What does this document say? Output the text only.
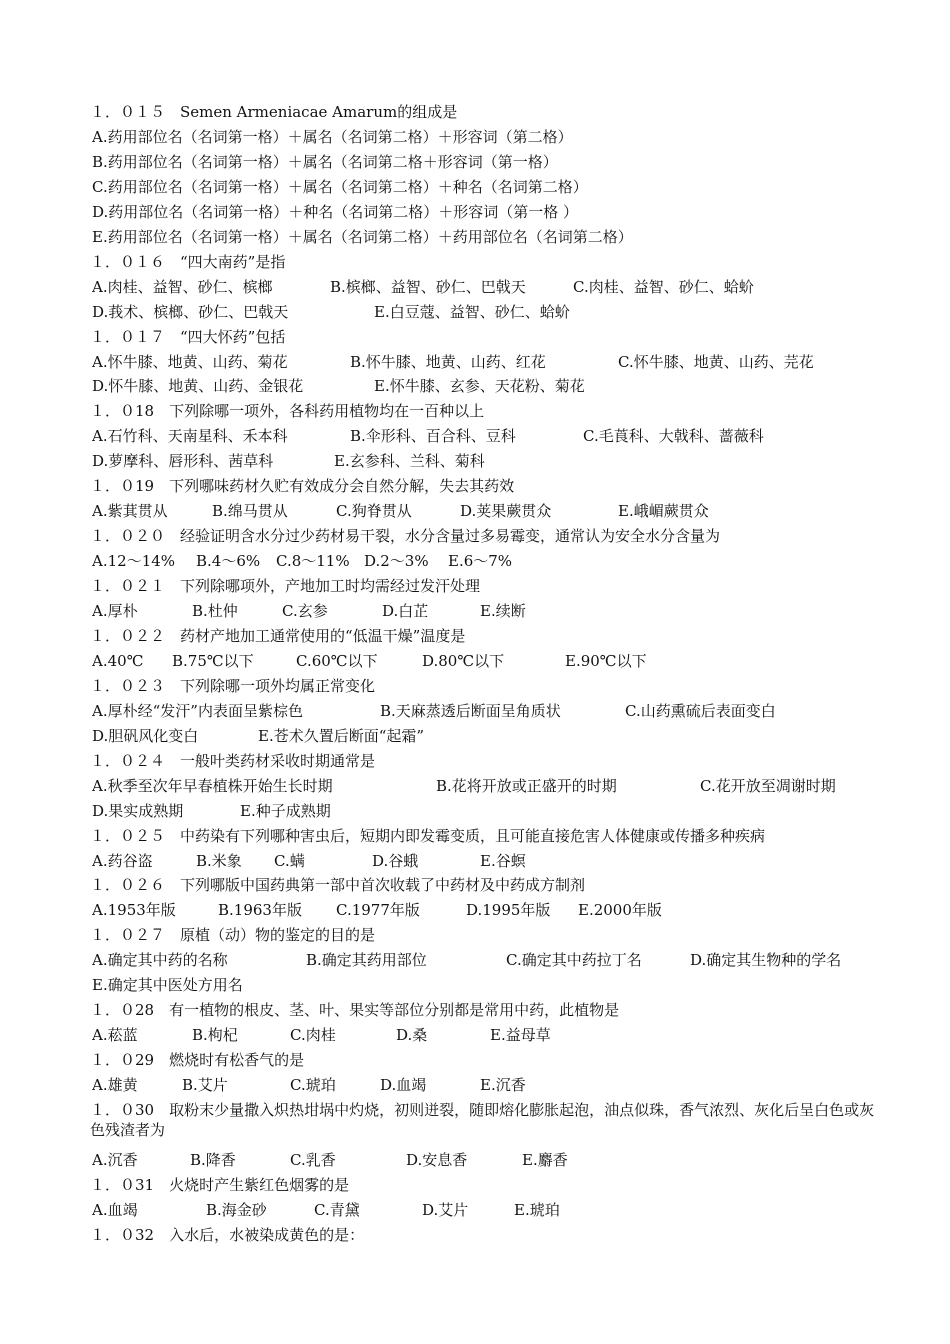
１．０１５　Semen Armeniacae Amarum的组成是
A.药用部位名（名词第一格）＋属名（名词第二格）＋形容词（第二格）
B.药用部位名（名词第一格）＋属名（名词第二格＋形容词（第一格）
C.药用部位名（名词第一格）＋属名（名词第二格）＋种名（名词第二格）
D.药用部位名（名词第一格）＋种名（名词第二格）＋形容词（第一格 ）
E.药用部位名（名词第一格）＋属名（名词第二格）＋药用部位名（名词第二格）
１．０１６　“四大南药”是指
A.肉桂、益智、砂仁、槟榔	B.槟榔、益智、砂仁、巴戟天	C.肉桂、益智、砂仁、蛤蚧
D.莪术、槟榔、砂仁、巴戟天	E.白豆蔻、益智、砂仁、蛤蚧
１．０１７　“四大怀药”包括
A.怀牛膝、地黄、山药、菊花	B.怀牛膝、地黄、山药、红花	C.怀牛膝、地黄、山药、芫花
D.怀牛膝、地黄、山药、金银花	E.怀牛膝、玄参、天花粉、菊花
１．０18　下列除哪一项外，各科药用植物均在一百种以上
A.石竹科、天南星科、禾本科	B.伞形科、百合科、豆科	C.毛莨科、大戟科、蔷薇科
D.萝摩科、唇形科、茜草科	E.玄参科、兰科、菊科
１．０19　下列哪味药材久贮有效成分会自然分解，失去其药效
A.紫萁贯从	B.绵马贯从	C.狗脊贯从	D.荚果蕨贯众	E.峨嵋蕨贯众
１．０２０　经验证明含水分过少药材易干裂，水分含量过多易霉变，通常认为安全水分含量为
A.12～14% B.4～6% C.8～11% D.2～3% E.6～7%
１．０２１　下列除哪项外，产地加工时均需经过发汗处理
A.厚朴	B.杜仲	C.玄参	D.白芷	E.续断
１．０２２　药材产地加工通常使用的“低温干燥”温度是
A.40℃ B.75℃以下	C.60℃以下	D.80℃以下	E.90℃以下
１．０２３　下列除哪一项外均属正常变化
A.厚朴经“发汗”内表面呈紫棕色	B.天麻蒸透后断面呈角质状	C.山药熏硫后表面变白
D.胆矾风化变白	E.苍术久置后断面“起霜”
１．０２４　一般叶类药材采收时期通常是
A.秋季至次年早春植株开始生长时期	B.花将开放或正盛开的时期	C.花开放至凋谢时期
D.果实成熟期	E.种子成熟期
１．０２５　中药染有下列哪种害虫后，短期内即发霉变质，且可能直接危害人体健康或传播多种疾病
A.药谷盗	B.米象 C.螨	D.谷蛾	E.谷螟
１．０２６　下列哪版中国药典第一部中首次收载了中药材及中药成方制剂
A.1953年版	B.1963年版 C.1977年版	D.1995年版 E.2000年版
１．０２７　原植（动）物的鉴定的目的是
A.确定其中药的名称	B.确定其药用部位	C.确定其中药拉丁名	D.确定其生物种的学名
E.确定其中医处方用名
１．０28　有一植物的根皮、茎、叶、果实等部位分别都是常用中药，此植物是
A.菘蓝	B.枸杞	C.肉桂	D.桑	E.益母草
１．０29　燃烧时有松香气的是
A.雄黄	B.艾片	C.琥珀	D.血竭	E.沉香
１．０30　取粉末少量撒入炽热坩埚中灼烧，初则迸裂，随即熔化膨胀起泡，油点似珠，香气浓烈、灰化后呈白色或灰色残渣者为
A.沉香	B.降香	C.乳香	D.安息香	E.麝香
１．０31　火烧时产生紫红色烟雾的是
A.血竭	B.海金砂	C.青黛	D.艾片	E.琥珀
１．０32　入水后，水被染成黄色的是：
